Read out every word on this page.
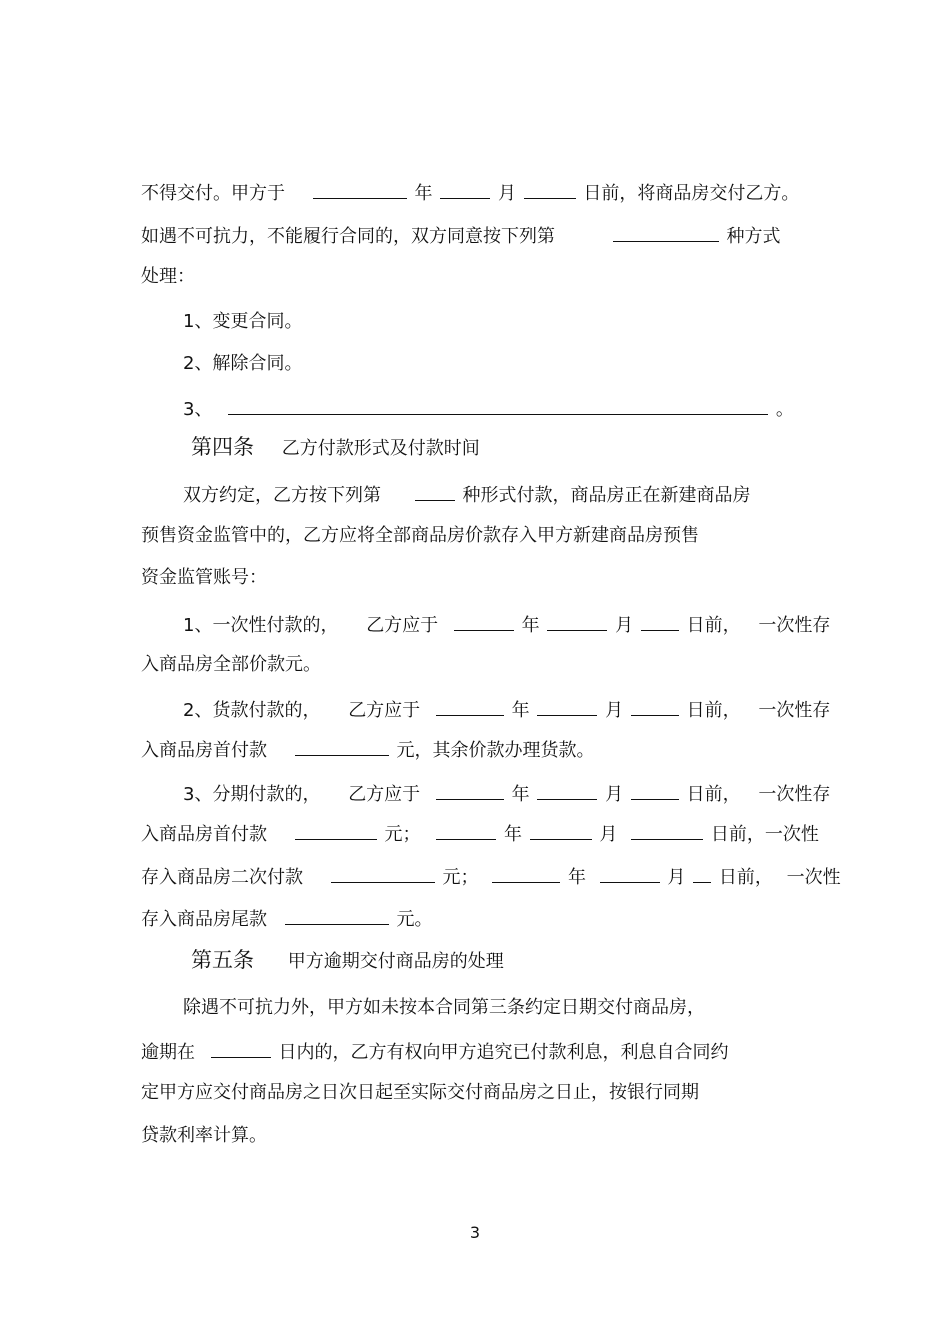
不得交付。甲方于	年	月	日前，将商品房交付乙方。
如遇不可抗力，不能履行合同的，双方同意按下列第	种方式
处理：
1、变更合同。
2、解除合同。
3、	。
第四条 乙方付款形式及付款时间
双方约定，乙方按下列第	种形式付款，商品房正在新建商品房
预售资金监管中的，乙方应将全部商品房价款存入甲方新建商品房预售
资金监管账号：
1、一次性付款的， 乙方应于	年	月	日前， 一次性存
入商品房全部价款元。
2、货款付款的， 乙方应于	年	月	日前， 一次性存
入商品房首付款	元，其余价款办理货款。
3、分期付款的， 乙方应于	年	月	日前， 一次性存
入商品房首付款	元；	年	月	日前，一次性
存入商品房二次付款	元；	年	月 日前， 一次性
存入商品房尾款	元。
第五条 甲方逾期交付商品房的处理
除遇不可抗力外，甲方如未按本合同第三条约定日期交付商品房，
逾期在	日内的，乙方有权向甲方追究已付款利息，利息自合同约
定甲方应交付商品房之日次日起至实际交付商品房之日止，按银行同期
贷款利率计算。
3
